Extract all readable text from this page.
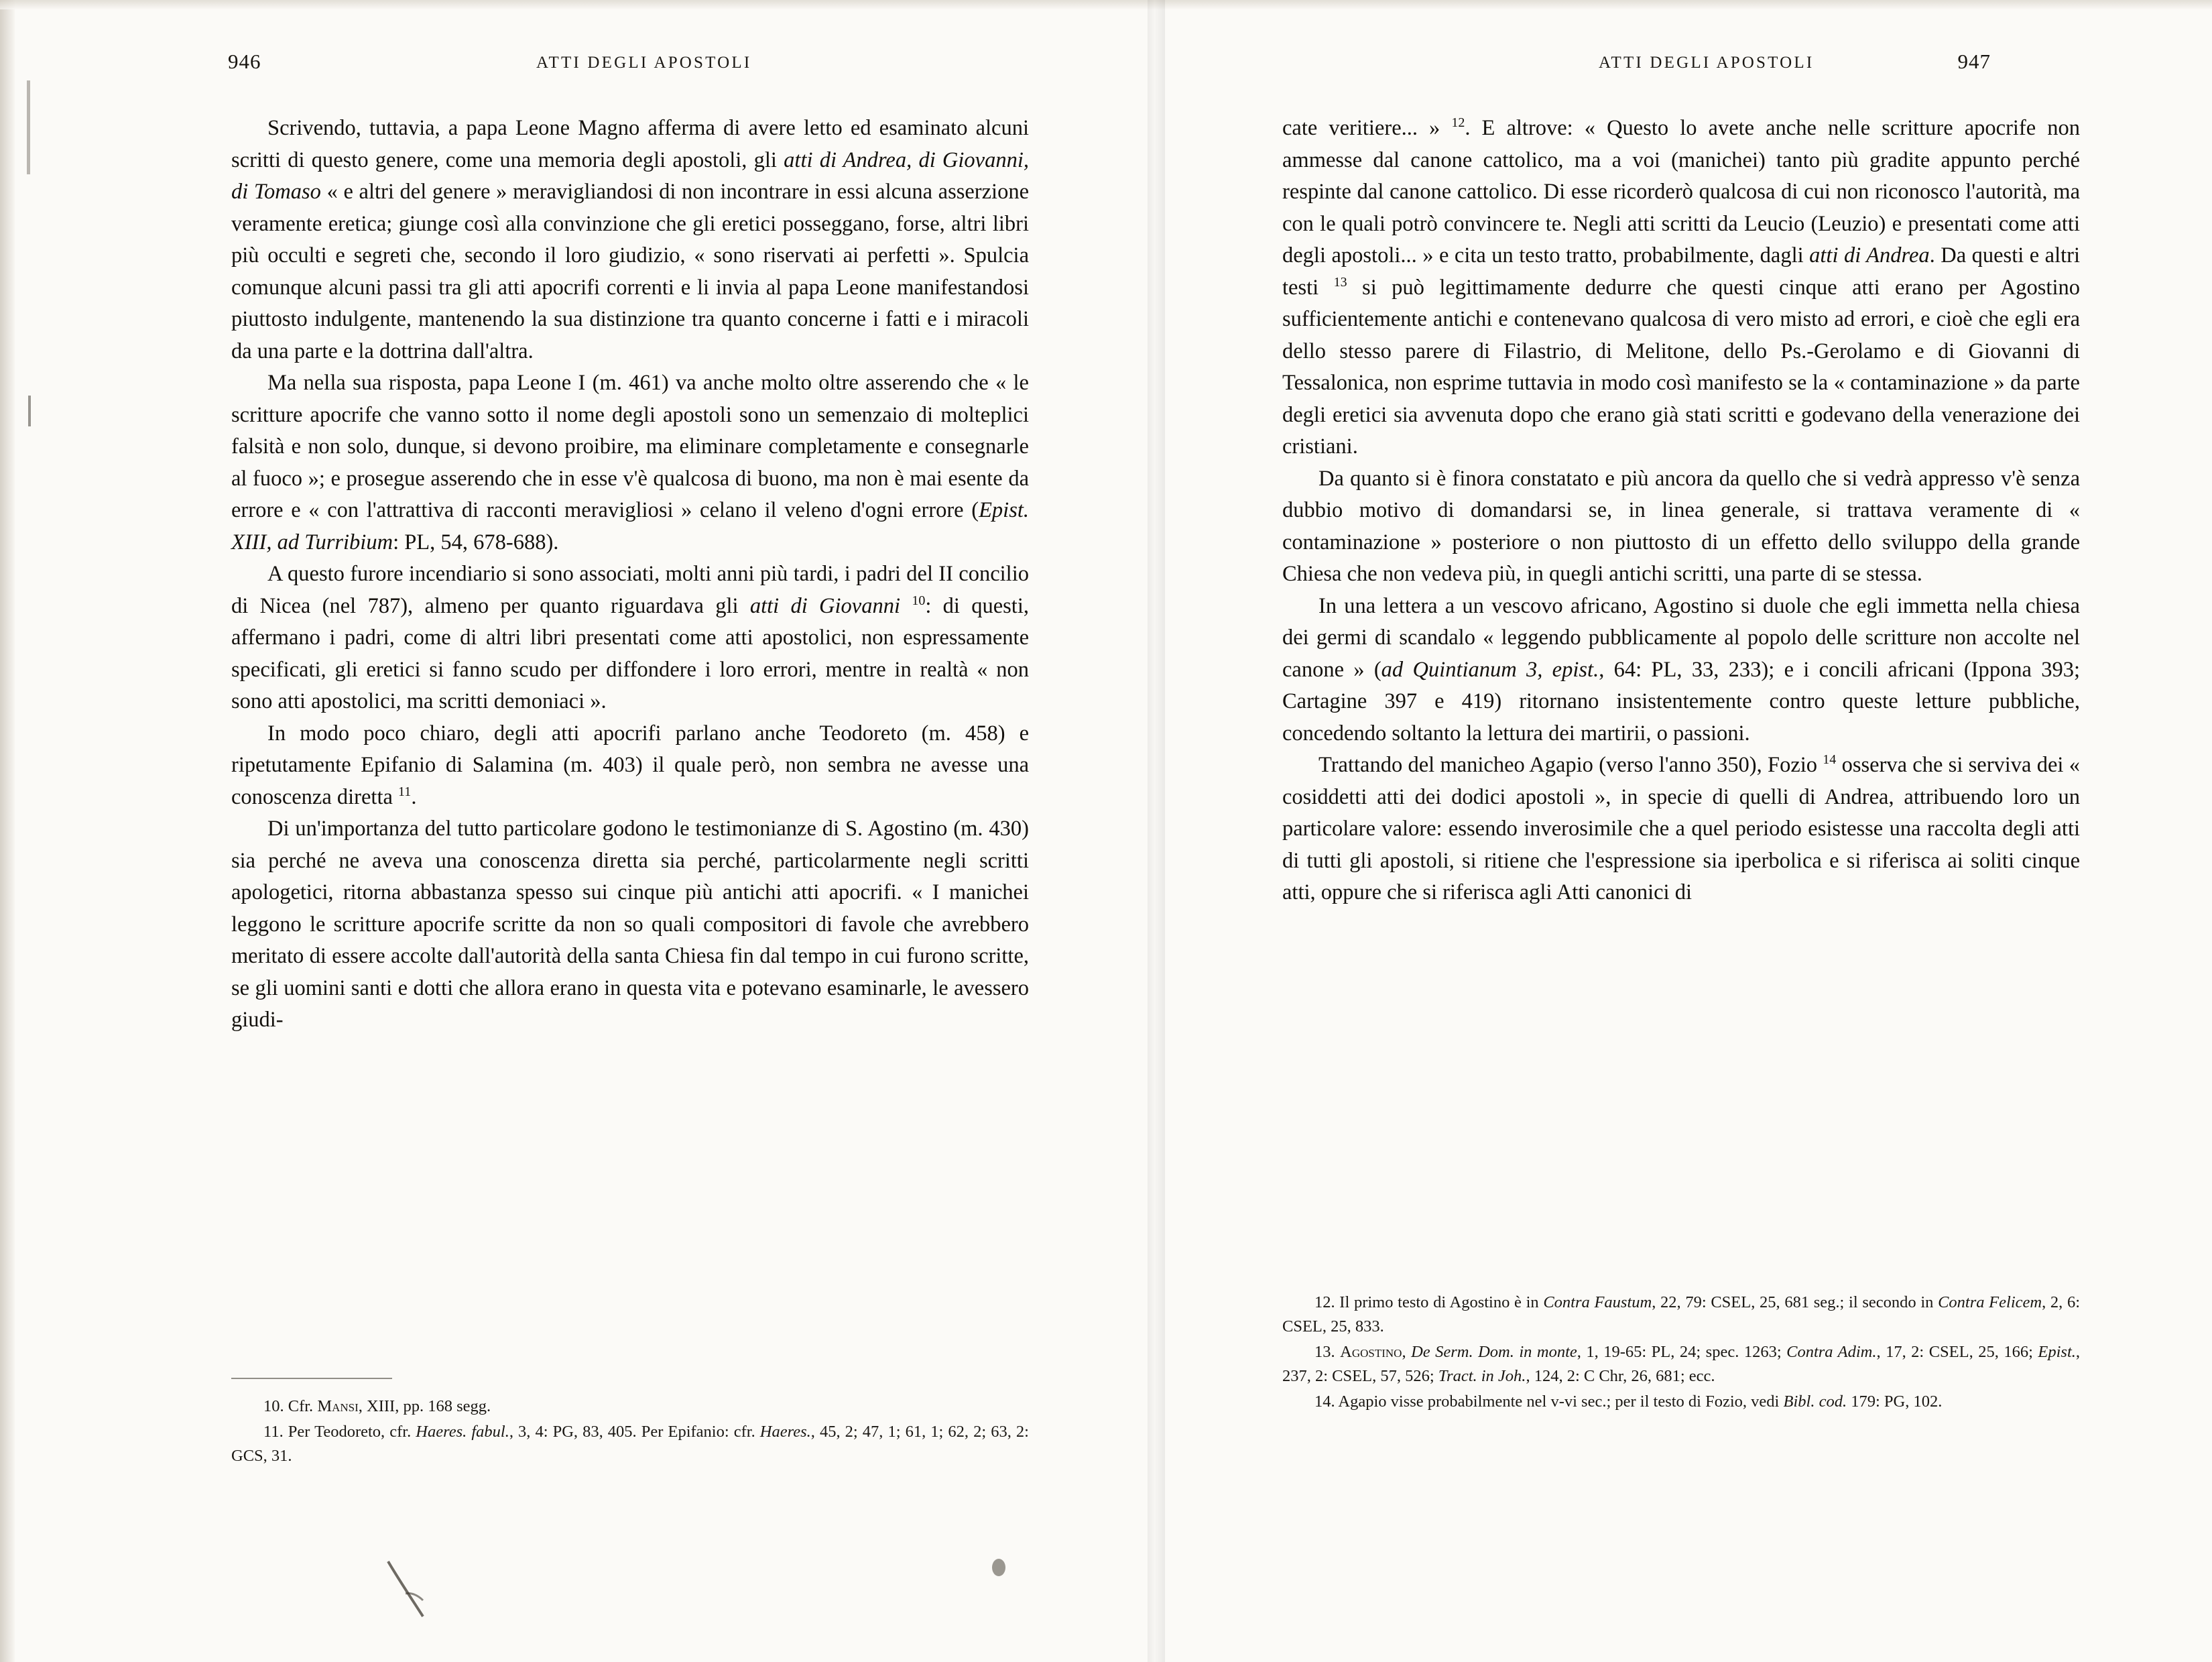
946	ATTI DEGLI APOSTOLI

Scrivendo, tuttavia, a papa Leone Magno afferma di avere letto ed esaminato alcuni scritti di questo genere, come una memoria degli apostoli, gli atti di Andrea, di Giovanni, di Tomaso « e altri del genere » meravigliandosi di non incontrare in essi alcuna asserzione veramente eretica; giunge così alla convinzione che gli eretici posseggano, forse, altri libri più occulti e segreti che, secondo il loro giudizio, « sono riservati ai perfetti ». Spulcia comunque alcuni passi tra gli atti apocrifi correnti e li invia al papa Leone manifestandosi piuttosto indulgente, mantenendo la sua distinzione tra quanto concerne i fatti e i miracoli da una parte e la dottrina dall'altra.

Ma nella sua risposta, papa Leone I (m. 461) va anche molto oltre asserendo che « le scritture apocrife che vanno sotto il nome degli apostoli sono un semenzaio di molteplici falsità e non solo, dunque, si devono proibire, ma eliminare completamente e consegnarle al fuoco »; e prosegue asserendo che in esse v'è qualcosa di buono, ma non è mai esente da errore e « con l'attrattiva di racconti meravigliosi » celano il veleno d'ogni errore (Epist. XIII, ad Turribium: PL, 54, 678-688).

A questo furore incendiario si sono associati, molti anni più tardi, i padri del II concilio di Nicea (nel 787), almeno per quanto riguardava gli atti di Giovanni $^{10}$: di questi, affermano i padri, come di altri libri presentati come atti apostolici, non espressamente specificati, gli eretici si fanno scudo per diffondere i loro errori, mentre in realtà « non sono atti apostolici, ma scritti demoniaci ».

In modo poco chiaro, degli atti apocrifi parlano anche Teodoreto (m. 458) e ripetutamente Epifanio di Salamina (m. 403) il quale però, non sembra ne avesse una conoscenza diretta $^{11}$.

Di un'importanza del tutto particolare godono le testimonianze di S. Agostino (m. 430) sia perché ne aveva una conoscenza diretta sia perché, particolarmente negli scritti apologetici, ritorna abbastanza spesso sui cinque più antichi atti apocrifi. « I manichei leggono le scritture apocrife scritte da non so quali compositori di favole che avrebbero meritato di essere accolte dall'autorità della santa Chiesa fin dal tempo in cui furono scritte, se gli uomini santi e dotti che allora erano in questa vita e potevano esaminarle, le avessero giudi-

10. Cfr. Mansi, XIII, pp. 168 segg.

11. Per Teodoreto, cfr. Haeres. fabul., 3, 4: PG, 83, 405. Per Epifanio: cfr. Haeres., 45, 2; 47, 1; 61, 1; 62, 2; 63, 2: GCS, 31.

ATTI DEGLI APOSTOLI	947

cate veritiere... » $^{12}$. E altrove: « Questo lo avete anche nelle scritture apocrife non ammesse dal canone cattolico, ma a voi (manichei) tanto più gradite appunto perché respinte dal canone cattolico. Di esse ricorderò qualcosa di cui non riconosco l'autorità, ma con le quali potrò convincere te. Negli atti scritti da Leucio (Leuzio) e presentati come atti degli apostoli... » e cita un testo tratto, probabilmente, dagli atti di Andrea. Da questi e altri testi $^{13}$ si può legittimamente dedurre che questi cinque atti erano per Agostino sufficientemente antichi e contenevano qualcosa di vero misto ad errori, e cioè che egli era dello stesso parere di Filastrio, di Melitone, dello Ps.-Gerolamo e di Giovanni di Tessalonica, non esprime tuttavia in modo così manifesto se la « contaminazione » da parte degli eretici sia avvenuta dopo che erano già stati scritti e godevano della venerazione dei cristiani.

Da quanto si è finora constatato e più ancora da quello che si vedrà appresso v'è senza dubbio motivo di domandarsi se, in linea generale, si trattava veramente di « contaminazione » posteriore o non piuttosto di un effetto dello sviluppo della grande Chiesa che non vedeva più, in quegli antichi scritti, una parte di se stessa.

In una lettera a un vescovo africano, Agostino si duole che egli immetta nella chiesa dei germi di scandalo « leggendo pubblicamente al popolo delle scritture non accolte nel canone » (ad Quintianum 3, epist., 64: PL, 33, 233); e i concili africani (Ippona 393; Cartagine 397 e 419) ritornano insistentemente contro queste letture pubbliche, concedendo soltanto la lettura dei martirii, o passioni.

Trattando del manicheo Agapio (verso l'anno 350), Fozio $^{14}$ osserva che si serviva dei « cosiddetti atti dei dodici apostoli », in specie di quelli di Andrea, attribuendo loro un particolare valore: essendo inverosimile che a quel periodo esistesse una raccolta degli atti di tutti gli apostoli, si ritiene che l'espressione sia iperbolica e si riferisca ai soliti cinque atti, oppure che si riferisca agli Atti canonici di

12. Il primo testo di Agostino è in Contra Faustum, 22, 79: CSEL, 25, 681 seg.; il secondo in Contra Felicem, 2, 6: CSEL, 25, 833.

13. Agostino, De Serm. Dom. in monte, 1, 19-65: PL, 24; spec. 1263; Contra Adim., 17, 2: CSEL, 25, 166; Epist., 237, 2: CSEL, 57, 526; Tract. in Joh., 124, 2: C Chr, 26, 681; ecc.

14. Agapio visse probabilmente nel v-vi sec.; per il testo di Fozio, vedi Bibl. cod. 179: PG, 102.
